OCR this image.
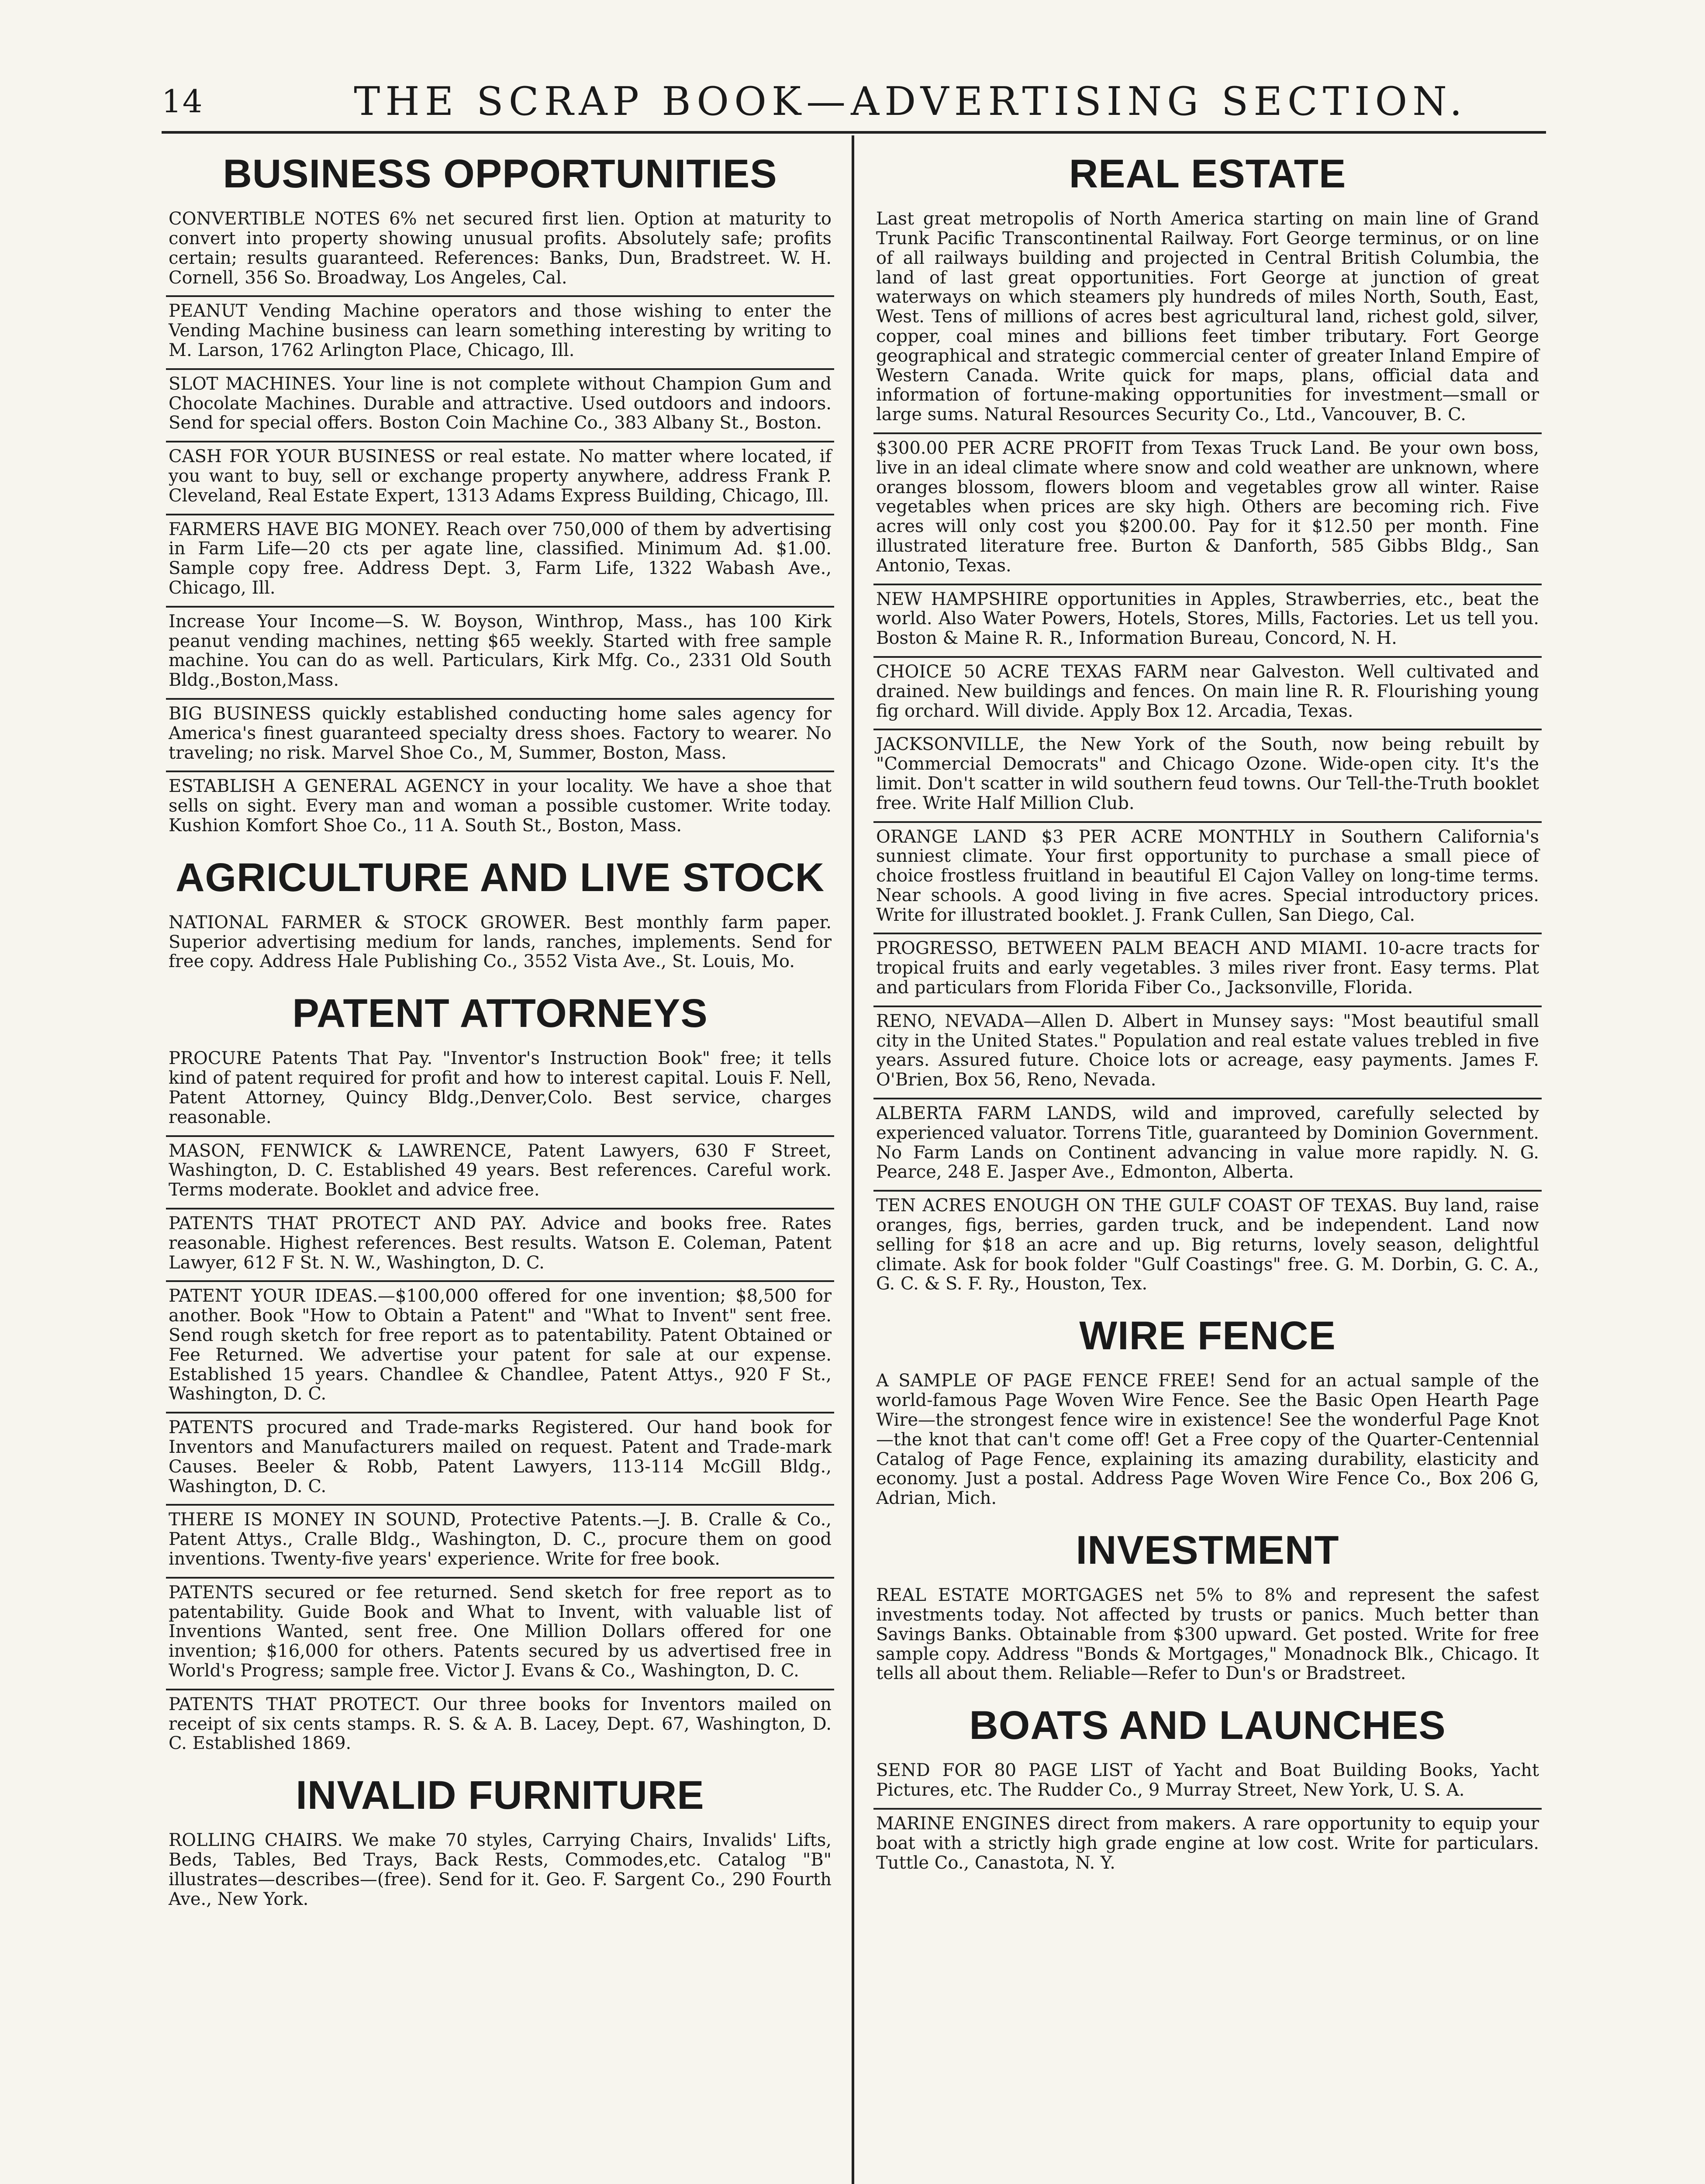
14	THE SCRAP BOOK—ADVERTISING SECTION.
BUSINESS OPPORTUNITIES
CONVERTIBLE NOTES 6% net secured first lien. Option at maturity to convert into property showing unusual profits. Absolutely safe; profits certain; results guaranteed. References: Banks, Dun, Bradstreet. W. H. Cornell, 356 So. Broadway, Los Angeles, Cal.
PEANUT Vending Machine operators and those wishing to enter the Vending Machine business can learn something interesting by writing to M. Larson, 1762 Arlington Place, Chicago, Ill.
SLOT MACHINES. Your line is not complete without Champion Gum and Chocolate Machines. Durable and attractive. Used outdoors and indoors. Send for special offers. Boston Coin Machine Co., 383 Albany St., Boston.
CASH FOR YOUR BUSINESS or real estate. No matter where located, if you want to buy, sell or exchange property anywhere, address Frank P. Cleveland, Real Estate Expert, 1313 Adams Express Building, Chicago, Ill.
FARMERS HAVE BIG MONEY. Reach over 750,000 of them by advertising in Farm Life—20 cts per agate line, classified. Minimum Ad. $1.00. Sample copy free. Address Dept. 3, Farm Life, 1322 Wabash Ave., Chicago, Ill.
Increase Your Income—S. W. Boyson, Winthrop, Mass., has 100 Kirk peanut vending machines, netting $65 weekly. Started with free sample machine. You can do as well. Particulars, Kirk Mfg. Co., 2331 Old South Bldg.,Boston,Mass.
BIG BUSINESS quickly established conducting home sales agency for America's finest guaranteed specialty dress shoes. Factory to wearer. No traveling; no risk. Marvel Shoe Co., M, Summer, Boston, Mass.
ESTABLISH A GENERAL AGENCY in your locality. We have a shoe that sells on sight. Every man and woman a possible customer. Write today. Kushion Komfort Shoe Co., 11 A. South St., Boston, Mass.
AGRICULTURE AND LIVE STOCK
NATIONAL FARMER & STOCK GROWER. Best monthly farm paper. Superior advertising medium for lands, ranches, implements. Send for free copy. Address Hale Publishing Co., 3552 Vista Ave., St. Louis, Mo.
PATENT ATTORNEYS
PROCURE Patents That Pay. "Inventor's Instruction Book" free; it tells kind of patent required for profit and how to interest capital. Louis F. Nell, Patent Attorney, Quincy Bldg.,Denver,Colo. Best service, charges reasonable.
MASON, FENWICK & LAWRENCE, Patent Lawyers, 630 F Street, Washington, D. C. Established 49 years. Best references. Careful work. Terms moderate. Booklet and advice free.
PATENTS THAT PROTECT AND PAY. Advice and books free. Rates reasonable. Highest references. Best results. Watson E. Coleman, Patent Lawyer, 612 F St. N. W., Washington, D. C.
PATENT YOUR IDEAS.—$100,000 offered for one invention; $8,500 for another. Book "How to Obtain a Patent" and "What to Invent" sent free. Send rough sketch for free report as to patentability. Patent Obtained or Fee Returned. We advertise your patent for sale at our expense. Established 15 years. Chandlee & Chandlee, Patent Attys., 920 F St., Washington, D. C.
PATENTS procured and Trade-marks Registered. Our hand book for Inventors and Manufacturers mailed on request. Patent and Trade-mark Causes. Beeler & Robb, Patent Lawyers, 113-114 McGill Bldg., Washington, D. C.
THERE IS MONEY IN SOUND, Protective Patents.—J. B. Cralle & Co., Patent Attys., Cralle Bldg., Washington, D. C., procure them on good inventions. Twenty-five years' experience. Write for free book.
PATENTS secured or fee returned. Send sketch for free report as to patentability. Guide Book and What to Invent, with valuable list of Inventions Wanted, sent free. One Million Dollars offered for one invention; $16,000 for others. Patents secured by us advertised free in World's Progress; sample free. Victor J. Evans & Co., Washington, D. C.
PATENTS THAT PROTECT. Our three books for Inventors mailed on receipt of six cents stamps. R. S. & A. B. Lacey, Dept. 67, Washington, D. C. Established 1869.
INVALID FURNITURE
ROLLING CHAIRS. We make 70 styles, Carrying Chairs, Invalids' Lifts, Beds, Tables, Bed Trays, Back Rests, Commodes,etc. Catalog "B" illustrates—describes—(free). Send for it. Geo. F. Sargent Co., 290 Fourth Ave., New York.
REAL ESTATE
Last great metropolis of North America starting on main line of Grand Trunk Pacific Transcontinental Railway. Fort George terminus, or on line of all railways building and projected in Central British Columbia, the land of last great opportunities. Fort George at junction of great waterways on which steamers ply hundreds of miles North, South, East, West. Tens of millions of acres best agricultural land, richest gold, silver, copper, coal mines and billions feet timber tributary. Fort George geographical and strategic commercial center of greater Inland Empire of Western Canada. Write quick for maps, plans, official data and information of fortune-making opportunities for investment—small or large sums. Natural Resources Security Co., Ltd., Vancouver, B. C.
$300.00 PER ACRE PROFIT from Texas Truck Land. Be your own boss, live in an ideal climate where snow and cold weather are unknown, where oranges blossom, flowers bloom and vegetables grow all winter. Raise vegetables when prices are sky high. Others are becoming rich. Five acres will only cost you $200.00. Pay for it $12.50 per month. Fine illustrated literature free. Burton & Danforth, 585 Gibbs Bldg., San Antonio, Texas.
NEW HAMPSHIRE opportunities in Apples, Strawberries, etc., beat the world. Also Water Powers, Hotels, Stores, Mills, Factories. Let us tell you. Boston & Maine R. R., Information Bureau, Concord, N. H.
CHOICE 50 ACRE TEXAS FARM near Galveston. Well cultivated and drained. New buildings and fences. On main line R. R. Flourishing young fig orchard. Will divide. Apply Box 12. Arcadia, Texas.
JACKSONVILLE, the New York of the South, now being rebuilt by "Commercial Democrats" and Chicago Ozone. Wide-open city. It's the limit. Don't scatter in wild southern feud towns. Our Tell-the-Truth booklet free. Write Half Million Club.
ORANGE LAND $3 PER ACRE MONTHLY in Southern California's sunniest climate. Your first opportunity to purchase a small piece of choice frostless fruitland in beautiful El Cajon Valley on long-time terms. Near schools. A good living in five acres. Special introductory prices. Write for illustrated booklet. J. Frank Cullen, San Diego, Cal.
PROGRESSO, BETWEEN PALM BEACH AND MIAMI. 10-acre tracts for tropical fruits and early vegetables. 3 miles river front. Easy terms. Plat and particulars from Florida Fiber Co., Jacksonville, Florida.
RENO, NEVADA—Allen D. Albert in Munsey says: "Most beautiful small city in the United States." Population and real estate values trebled in five years. Assured future. Choice lots or acreage, easy payments. James F. O'Brien, Box 56, Reno, Nevada.
ALBERTA FARM LANDS, wild and improved, carefully selected by experienced valuator. Torrens Title, guaranteed by Dominion Government. No Farm Lands on Continent advancing in value more rapidly. N. G. Pearce, 248 E. Jasper Ave., Edmonton, Alberta.
TEN ACRES ENOUGH ON THE GULF COAST OF TEXAS. Buy land, raise oranges, figs, berries, garden truck, and be independent. Land now selling for $18 an acre and up. Big returns, lovely season, delightful climate. Ask for book folder "Gulf Coastings" free. G. M. Dorbin, G. C. A., G. C. & S. F. Ry., Houston, Tex.
WIRE FENCE
A SAMPLE OF PAGE FENCE FREE! Send for an actual sample of the world-famous Page Woven Wire Fence. See the Basic Open Hearth Page Wire—the strongest fence wire in existence! See the wonderful Page Knot—the knot that can't come off! Get a Free copy of the Quarter-Centennial Catalog of Page Fence, explaining its amazing durability, elasticity and economy. Just a postal. Address Page Woven Wire Fence Co., Box 206 G, Adrian, Mich.
INVESTMENT
REAL ESTATE MORTGAGES net 5% to 8% and represent the safest investments today. Not affected by trusts or panics. Much better than Savings Banks. Obtainable from $300 upward. Get posted. Write for free sample copy. Address "Bonds & Mortgages," Monadnock Blk., Chicago. It tells all about them. Reliable—Refer to Dun's or Bradstreet.
BOATS AND LAUNCHES
SEND FOR 80 PAGE LIST of Yacht and Boat Building Books, Yacht Pictures, etc. The Rudder Co., 9 Murray Street, New York, U. S. A.
MARINE ENGINES direct from makers. A rare opportunity to equip your boat with a strictly high grade engine at low cost. Write for particulars. Tuttle Co., Canastota, N. Y.
